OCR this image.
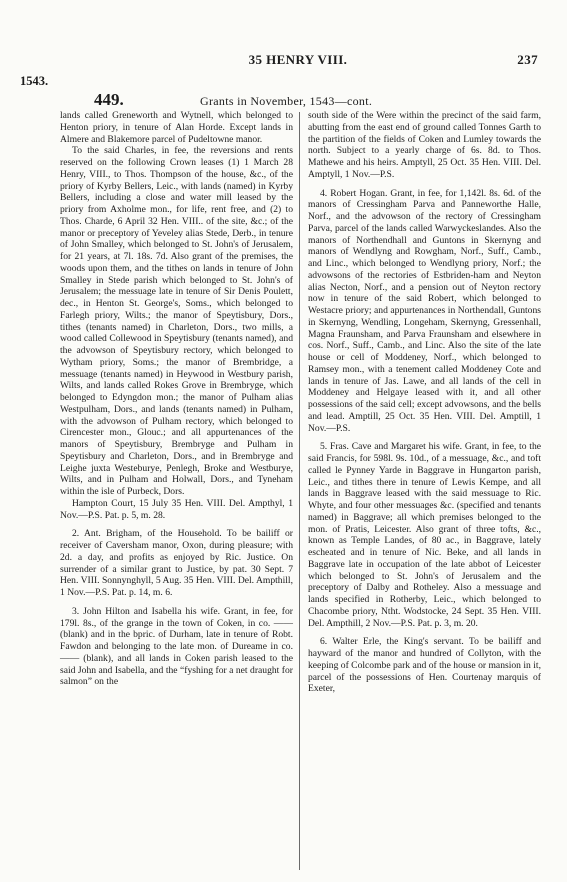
35 HENRY VIII.	237
1543.
449.	Grants in November, 1543—cont.

lands called Greneworth and Wytnell, which belonged to Henton priory, in tenure of Alan Horde. Except lands in Almere and Blakemore parcel of Pudeltowne manor.

To the said Charles, in fee, the reversions and rents reserved on the following Crown leases (1) 1 March 28 Henry, VIII., to Thos. Thompson of the house, &c., of the priory of Kyrby Bellers, Leic., with lands (named) in Kyrby Bellers, including a close and water mill leased by the priory from Axholme mon., for life, rent free, and (2) to Thos. Charde, 6 April 32 Hen. VIII.. of the site, &c.; of the manor or preceptory of Yeveley alias Stede, Derb., in tenure of John Smalley, which belonged to St. John's of Jerusalem, for 21 years, at 7l. 18s. 7d. Also grant of the premises, the woods upon them, and the tithes on lands in tenure of John Smalley in Stede parish which belonged to St. John's of Jerusalem; the messuage late in tenure of Sir Denis Poulett, dec., in Henton St. George's, Soms., which belonged to Farlegh priory, Wilts.; the manor of Speytisbury, Dors., tithes (tenants named) in Charleton, Dors., two mills, a wood called Collewood in Speytisbury (tenants named), and the advowson of Speytisbury rectory, which belonged to Wytham priory, Soms.; the manor of Brembridge, a messuage (tenants named) in Heywood in Westbury parish, Wilts, and lands called Rokes Grove in Brembryge, which belonged to Edyngdon mon.; the manor of Pulham alias Westpulham, Dors., and lands (tenants named) in Pulham, with the advowson of Pulham rectory, which belonged to Cirencester mon., Glouc.; and all appurtenances of the manors of Speytisbury, Brembryge and Pulham in Speytisbury and Charleton, Dors., and in Brembryge and Leighe juxta Westeburye, Penlegh, Broke and Westburye, Wilts, and in Pulham and Holwall, Dors., and Tyneham within the isle of Purbeck, Dors.

Hampton Court, 15 July 35 Hen. VIII. Del. Ampthyl, 1 Nov.—P.S. Pat. p. 5, m. 28.

2. Ant. Brigham, of the Household. To be bailiff or receiver of Caversham manor, Oxon, during pleasure; with 2d. a day, and profits as enjoyed by Ric. Justice. On surrender of a similar grant to Justice, by pat. 30 Sept. 7 Hen. VIII. Sonnynghyll, 5 Aug. 35 Hen. VIII. Del. Ampthill, 1 Nov.—P.S. Pat. p. 14, m. 6.

3. John Hilton and Isabella his wife. Grant, in fee, for 179l. 8s., of the grange in the town of Coken, in co. —— (blank) and in the bpric. of Durham, late in tenure of Robt. Fawdon and belonging to the late mon. of Dureame in co. —— (blank), and all lands in Coken parish leased to the said John and Isabella, and the “fyshing for a net draught for salmon” on the

south side of the Were within the precinct of the said farm, abutting from the east end of ground called Tonnes Garth to the partition of the fields of Coken and Lumley towards the north. Subject to a yearly charge of 6s. 8d. to Thos. Mathewe and his heirs. Amptyll, 25 Oct. 35 Hen. VIII. Del. Amptyll, 1 Nov.—P.S.

4. Robert Hogan. Grant, in fee, for 1,142l. 8s. 6d. of the manors of Cressingham Parva and Panneworthe Halle, Norf., and the advowson of the rectory of Cressingham Parva, parcel of the lands called Warwyckeslandes. Also the manors of Northendhall and Guntons in Skernyng and manors of Wendlyng and Rowgham, Norf., Suff., Camb., and Linc., which belonged to Wendlyng priory, Norf.; the advowsons of the rectories of Estbriden-ham and Neyton alias Necton, Norf., and a pension out of Neyton rectory now in tenure of the said Robert, which belonged to Westacre priory; and appurtenances in Northendall, Guntons in Skernyng, Wendling, Longeham, Skernyng, Gressenhall, Magna Fraunsham, and Parva Fraunsham and elsewhere in cos. Norf., Suff., Camb., and Linc. Also the site of the late house or cell of Moddeney, Norf., which belonged to Ramsey mon., with a tenement called Moddeney Cote and lands in tenure of Jas. Lawe, and all lands of the cell in Moddeney and Helgaye leased with it, and all other possessions of the said cell; except advowsons, and the bells and lead. Amptill, 25 Oct. 35 Hen. VIII. Del. Amptill, 1 Nov.—P.S.

5. Fras. Cave and Margaret his wife. Grant, in fee, to the said Francis, for 598l. 9s. 10d., of a messuage, &c., and toft called le Pynney Yarde in Baggrave in Hungarton parish, Leic., and tithes there in tenure of Lewis Kempe, and all lands in Baggrave leased with the said messuage to Ric. Whyte, and four other messuages &c. (specified and tenants named) in Baggrave; all which premises belonged to the mon. of Pratis, Leicester. Also grant of three tofts, &c., known as Temple Landes, of 80 ac., in Baggrave, lately escheated and in tenure of Nic. Beke, and all lands in Baggrave late in occupation of the late abbot of Leicester which belonged to St. John's of Jerusalem and the preceptory of Dalby and Rotheley. Also a messuage and lands specified in Rotherby, Leic., which belonged to Chacombe priory, Ntht. Wodstocke, 24 Sept. 35 Hen. VIII. Del. Ampthill, 2 Nov.—P.S. Pat. p. 3, m. 20.

6. Walter Erle, the King's servant. To be bailiff and hayward of the manor and hundred of Collyton, with the keeping of Colcombe park and of the house or mansion in it, parcel of the possessions of Hen. Courtenay marquis of Exeter,
